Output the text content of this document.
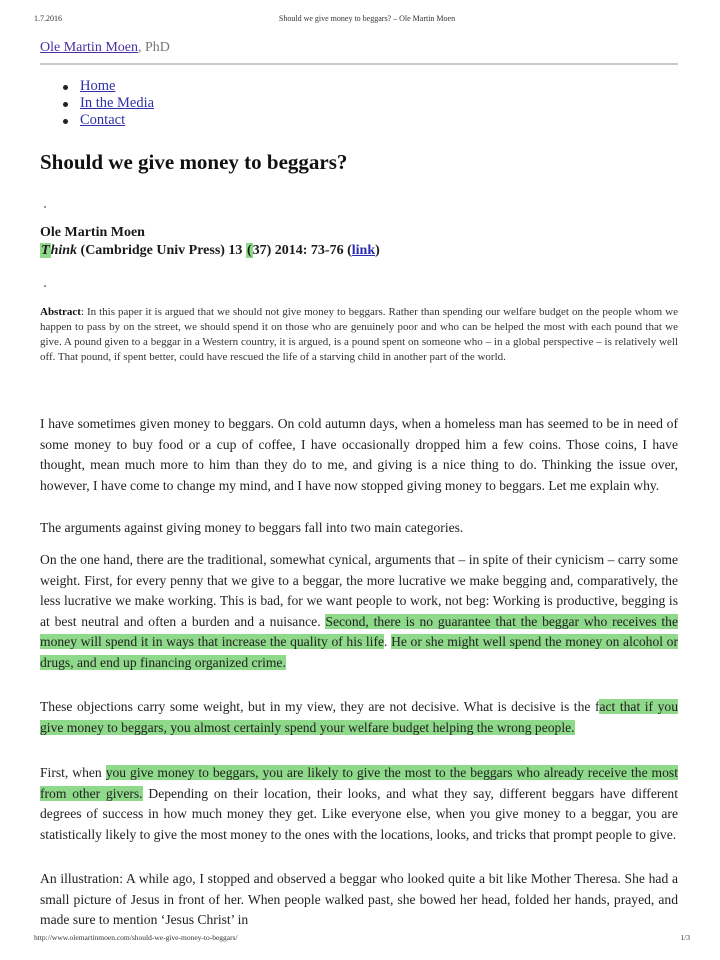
1.7.2016	Should we give money to beggars? – Ole Martin Moen
Ole Martin Moen, PhD
Home
In the Media
Contact
Should we give money to beggars?
Ole Martin Moen
Think (Cambridge Univ Press) 13 (37) 2014: 73-76 (link)

Abstract: In this paper it is argued that we should not give money to beggars. Rather than spending our welfare budget on the people whom we happen to pass by on the street, we should spend it on those who are genuinely poor and who can be helped the most with each pound that we give. A pound given to a beggar in a Western country, it is argued, is a pound spent on someone who – in a global perspective – is relatively well off. That pound, if spent better, could have rescued the life of a starving child in another part of the world.

I have sometimes given money to beggars. On cold autumn days, when a homeless man has seemed to be in need of some money to buy food or a cup of coffee, I have occasionally dropped him a few coins. Those coins, I have thought, mean much more to him than they do to me, and giving is a nice thing to do. Thinking the issue over, however, I have come to change my mind, and I have now stopped giving money to beggars. Let me explain why.

The arguments against giving money to beggars fall into two main categories.

On the one hand, there are the traditional, somewhat cynical, arguments that – in spite of their cynicism – carry some weight. First, for every penny that we give to a beggar, the more lucrative we make begging and, comparatively, the less lucrative we make working. This is bad, for we want people to work, not beg: Working is productive, begging is at best neutral and often a burden and a nuisance. Second, there is no guarantee that the beggar who receives the money will spend it in ways that increase the quality of his life. He or she might well spend the money on alcohol or drugs, and end up financing organized crime.

These objections carry some weight, but in my view, they are not decisive. What is decisive is the fact that if you give money to beggars, you almost certainly spend your welfare budget helping the wrong people.

First, when you give money to beggars, you are likely to give the most to the beggars who already receive the most from other givers. Depending on their location, their looks, and what they say, different beggars have different degrees of success in how much money they get. Like everyone else, when you give money to a beggar, you are statistically likely to give the most money to the ones with the locations, looks, and tricks that prompt people to give.

An illustration: A while ago, I stopped and observed a beggar who looked quite a bit like Mother Theresa. She had a small picture of Jesus in front of her. When people walked past, she bowed her head, folded her hands, prayed, and made sure to mention ‘Jesus Christ’ in

http://www.olemartinmoen.com/should-we-give-money-to-beggars/	1/3
